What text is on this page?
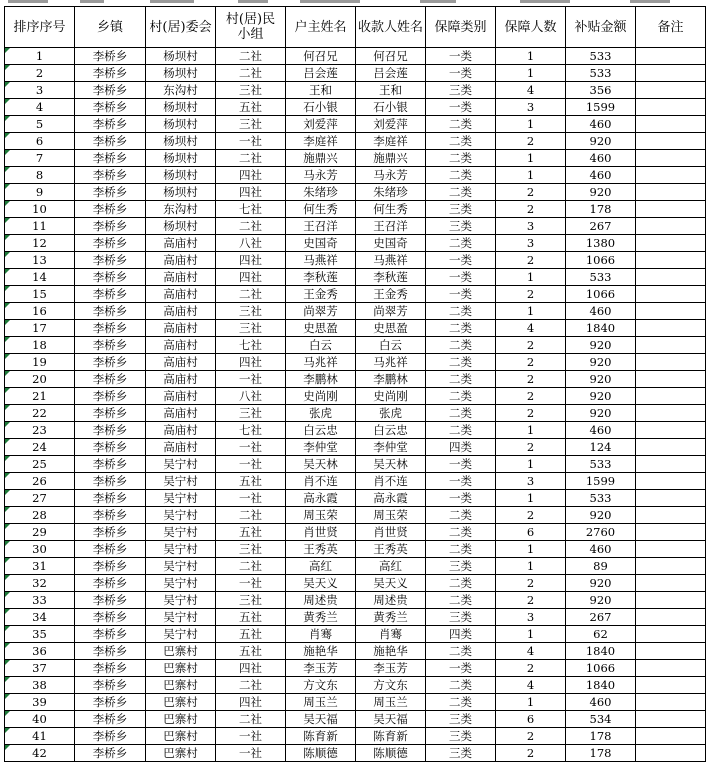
排序序号	乡镇	村(居)委会	村(居)民小组	户主姓名	收款人姓名	保障类别	保障人数	补贴金额	备注
1	李桥乡	杨坝村	二社	何召兄	何召兄	一类	1	533	
2	李桥乡	杨坝村	二社	吕会莲	吕会莲	一类	1	533	
3	李桥乡	东沟村	三社	王和	王和	三类	4	356	
4	李桥乡	杨坝村	五社	石小银	石小银	一类	3	1599	
5	李桥乡	杨坝村	三社	刘爱萍	刘爱萍	二类	1	460	
6	李桥乡	杨坝村	一社	李庭祥	李庭祥	二类	2	920	
7	李桥乡	杨坝村	二社	施鼎兴	施鼎兴	二类	1	460	
8	李桥乡	杨坝村	四社	马永芳	马永芳	二类	1	460	
9	李桥乡	杨坝村	四社	朱绪珍	朱绪珍	二类	2	920	
10	李桥乡	东沟村	七社	何生秀	何生秀	三类	2	178	
11	李桥乡	杨坝村	二社	王召洋	王召洋	三类	3	267	
12	李桥乡	高庙村	八社	史国奇	史国奇	二类	3	1380	
13	李桥乡	高庙村	四社	马燕祥	马燕祥	一类	2	1066	
14	李桥乡	高庙村	四社	李秋莲	李秋莲	一类	1	533	
15	李桥乡	高庙村	二社	王金秀	王金秀	一类	2	1066	
16	李桥乡	高庙村	三社	尚翠芳	尚翠芳	二类	1	460	
17	李桥乡	高庙村	三社	史思盈	史思盈	二类	4	1840	
18	李桥乡	高庙村	七社	白云	白云	二类	2	920	
19	李桥乡	高庙村	四社	马兆祥	马兆祥	二类	2	920	
20	李桥乡	高庙村	一社	李鹏林	李鹏林	二类	2	920	
21	李桥乡	高庙村	八社	史尚刚	史尚刚	二类	2	920	
22	李桥乡	高庙村	三社	张虎	张虎	二类	2	920	
23	李桥乡	高庙村	七社	白云忠	白云忠	二类	1	460	
24	李桥乡	高庙村	一社	李仲堂	李仲堂	四类	2	124	
25	李桥乡	吴宁村	一社	吴天林	吴天林	一类	1	533	
26	李桥乡	吴宁村	五社	肖不连	肖不连	一类	3	1599	
27	李桥乡	吴宁村	一社	高永霞	高永霞	一类	1	533	
28	李桥乡	吴宁村	二社	周玉荣	周玉荣	二类	2	920	
29	李桥乡	吴宁村	五社	肖世贤	肖世贤	二类	6	2760	
30	李桥乡	吴宁村	三社	王秀英	王秀英	二类	1	460	
31	李桥乡	吴宁村	二社	高红	高红	三类	1	89	
32	李桥乡	吴宁村	一社	吴天义	吴天义	二类	2	920	
33	李桥乡	吴宁村	三社	周述贵	周述贵	二类	2	920	
34	李桥乡	吴宁村	五社	黄秀兰	黄秀兰	三类	3	267	
35	李桥乡	吴宁村	五社	肖骞	肖骞	四类	1	62	
36	李桥乡	巴寨村	五社	施艳华	施艳华	二类	4	1840	
37	李桥乡	巴寨村	四社	李玉芳	李玉芳	一类	2	1066	
38	李桥乡	巴寨村	二社	方文东	方文东	二类	4	1840	
39	李桥乡	巴寨村	四社	周玉兰	周玉兰	二类	1	460	
40	李桥乡	巴寨村	二社	吴天福	吴天福	三类	6	534	
41	李桥乡	巴寨村	一社	陈育新	陈育新	三类	2	178	
42	李桥乡	巴寨村	一社	陈顺德	陈顺德	三类	2	178	
